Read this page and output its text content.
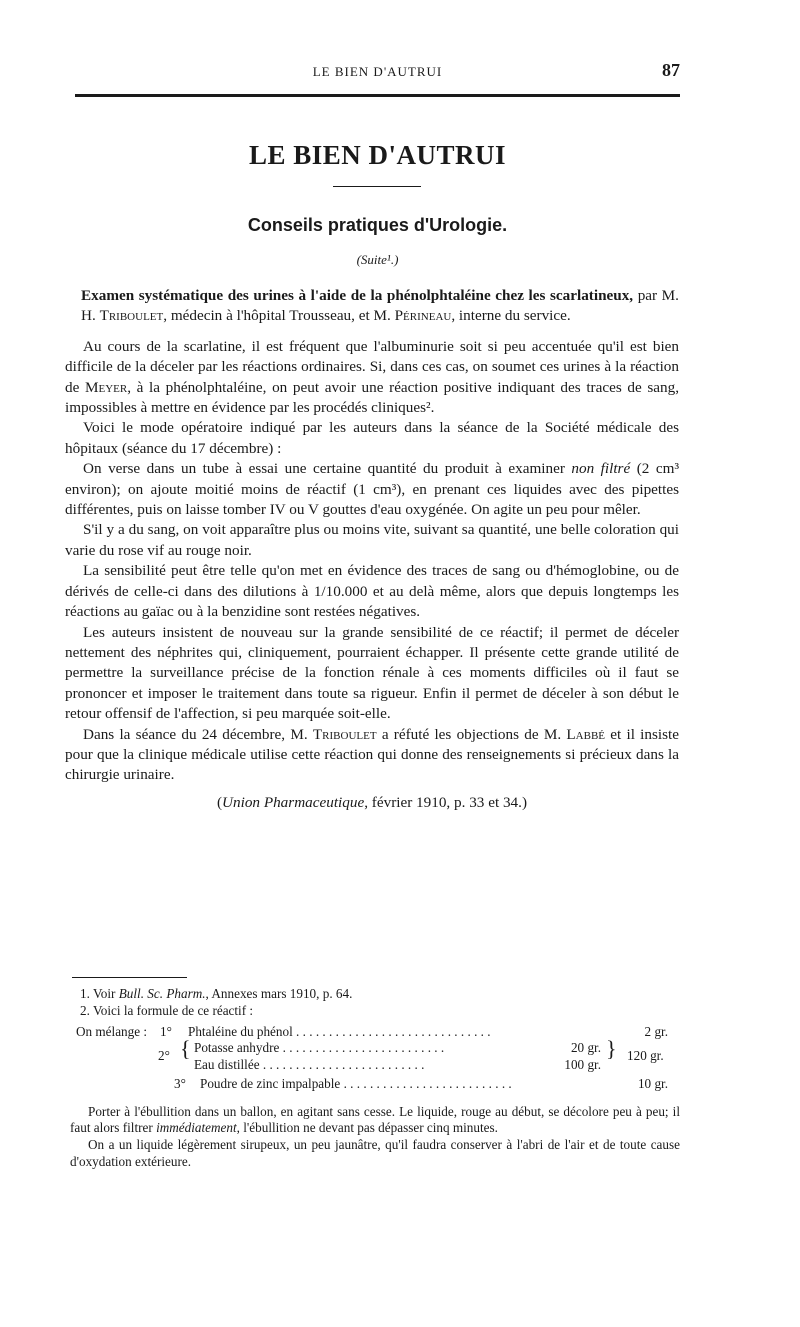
LE BIEN D'AUTRUI	87
LE BIEN D'AUTRUI
Conseils pratiques d'Urologie.
(Suite¹.)

Examen systématique des urines à l'aide de la phénolphtaléine chez les scarlatineux, par M. H. Triboulet, médecin à l'hôpital Trousseau, et M. Périneau, interne du service.

Au cours de la scarlatine, il est fréquent que l'albuminurie soit si peu accentuée qu'il est bien difficile de la déceler par les réactions ordinaires. Si, dans ces cas, on soumet ces urines à la réaction de Meyer, à la phénolphtaléine, on peut avoir une réaction positive indiquant des traces de sang, impossibles à mettre en évidence par les procédés cliniques².

Voici le mode opératoire indiqué par les auteurs dans la séance de la Société médicale des hôpitaux (séance du 17 décembre) :

On verse dans un tube à essai une certaine quantité du produit à examiner non filtré (2 cm³ environ); on ajoute moitié moins de réactif (1 cm³), en prenant ces liquides avec des pipettes différentes, puis on laisse tomber IV ou V gouttes d'eau oxygénée. On agite un peu pour mêler.

S'il y a du sang, on voit apparaître plus ou moins vite, suivant sa quantité, une belle coloration qui varie du rose vif au rouge noir.

La sensibilité peut être telle qu'on met en évidence des traces de sang ou d'hémoglobine, ou de dérivés de celle-ci dans des dilutions à 1/10.000 et au delà même, alors que depuis longtemps les réactions au gaïac ou à la benzidine sont restées négatives.

Les auteurs insistent de nouveau sur la grande sensibilité de ce réactif; il permet de déceler nettement des néphrites qui, cliniquement, pourraient échapper. Il présente cette grande utilité de permettre la surveillance précise de la fonction rénale à ces moments difficiles où il faut se prononcer et imposer le traitement dans toute sa rigueur. Enfin il permet de déceler à son début le retour offensif de l'affection, si peu marquée soit-elle.

Dans la séance du 24 décembre, M. Triboulet a réfuté les objections de M. Labbé et il insiste pour que la clinique médicale utilise cette réaction qui donne des renseignements si précieux dans la chirurgie urinaire.

(Union Pharmaceutique, février 1910, p. 33 et 34.)

1. Voir Bull. Sc. Pharm., Annexes mars 1910, p. 64.

2. Voici la formule de ce réactif :

On mélange : 1° Phtaléine du phénol . . . . . . . . . . . . . . . . . . . . . . . . . . . . . .	2 gr.
2° { Potasse anhydre . . . . . . . . . . . . . . . . . . . . . . . . .	20 gr.
Eau distillée . . . . . . . . . . . . . . . . . . . . . . . . .	100 gr.
} 120 gr.
3° Poudre de zinc impalpable . . . . . . . . . . . . . . . . . . . . . . . . . .	10 gr.

Porter à l'ébullition dans un ballon, en agitant sans cesse. Le liquide, rouge au début, se décolore peu à peu; il faut alors filtrer immédiatement, l'ébullition ne devant pas dépasser cinq minutes.

On a un liquide légèrement sirupeux, un peu jaunâtre, qu'il faudra conserver à l'abri de l'air et de toute cause d'oxydation extérieure.
